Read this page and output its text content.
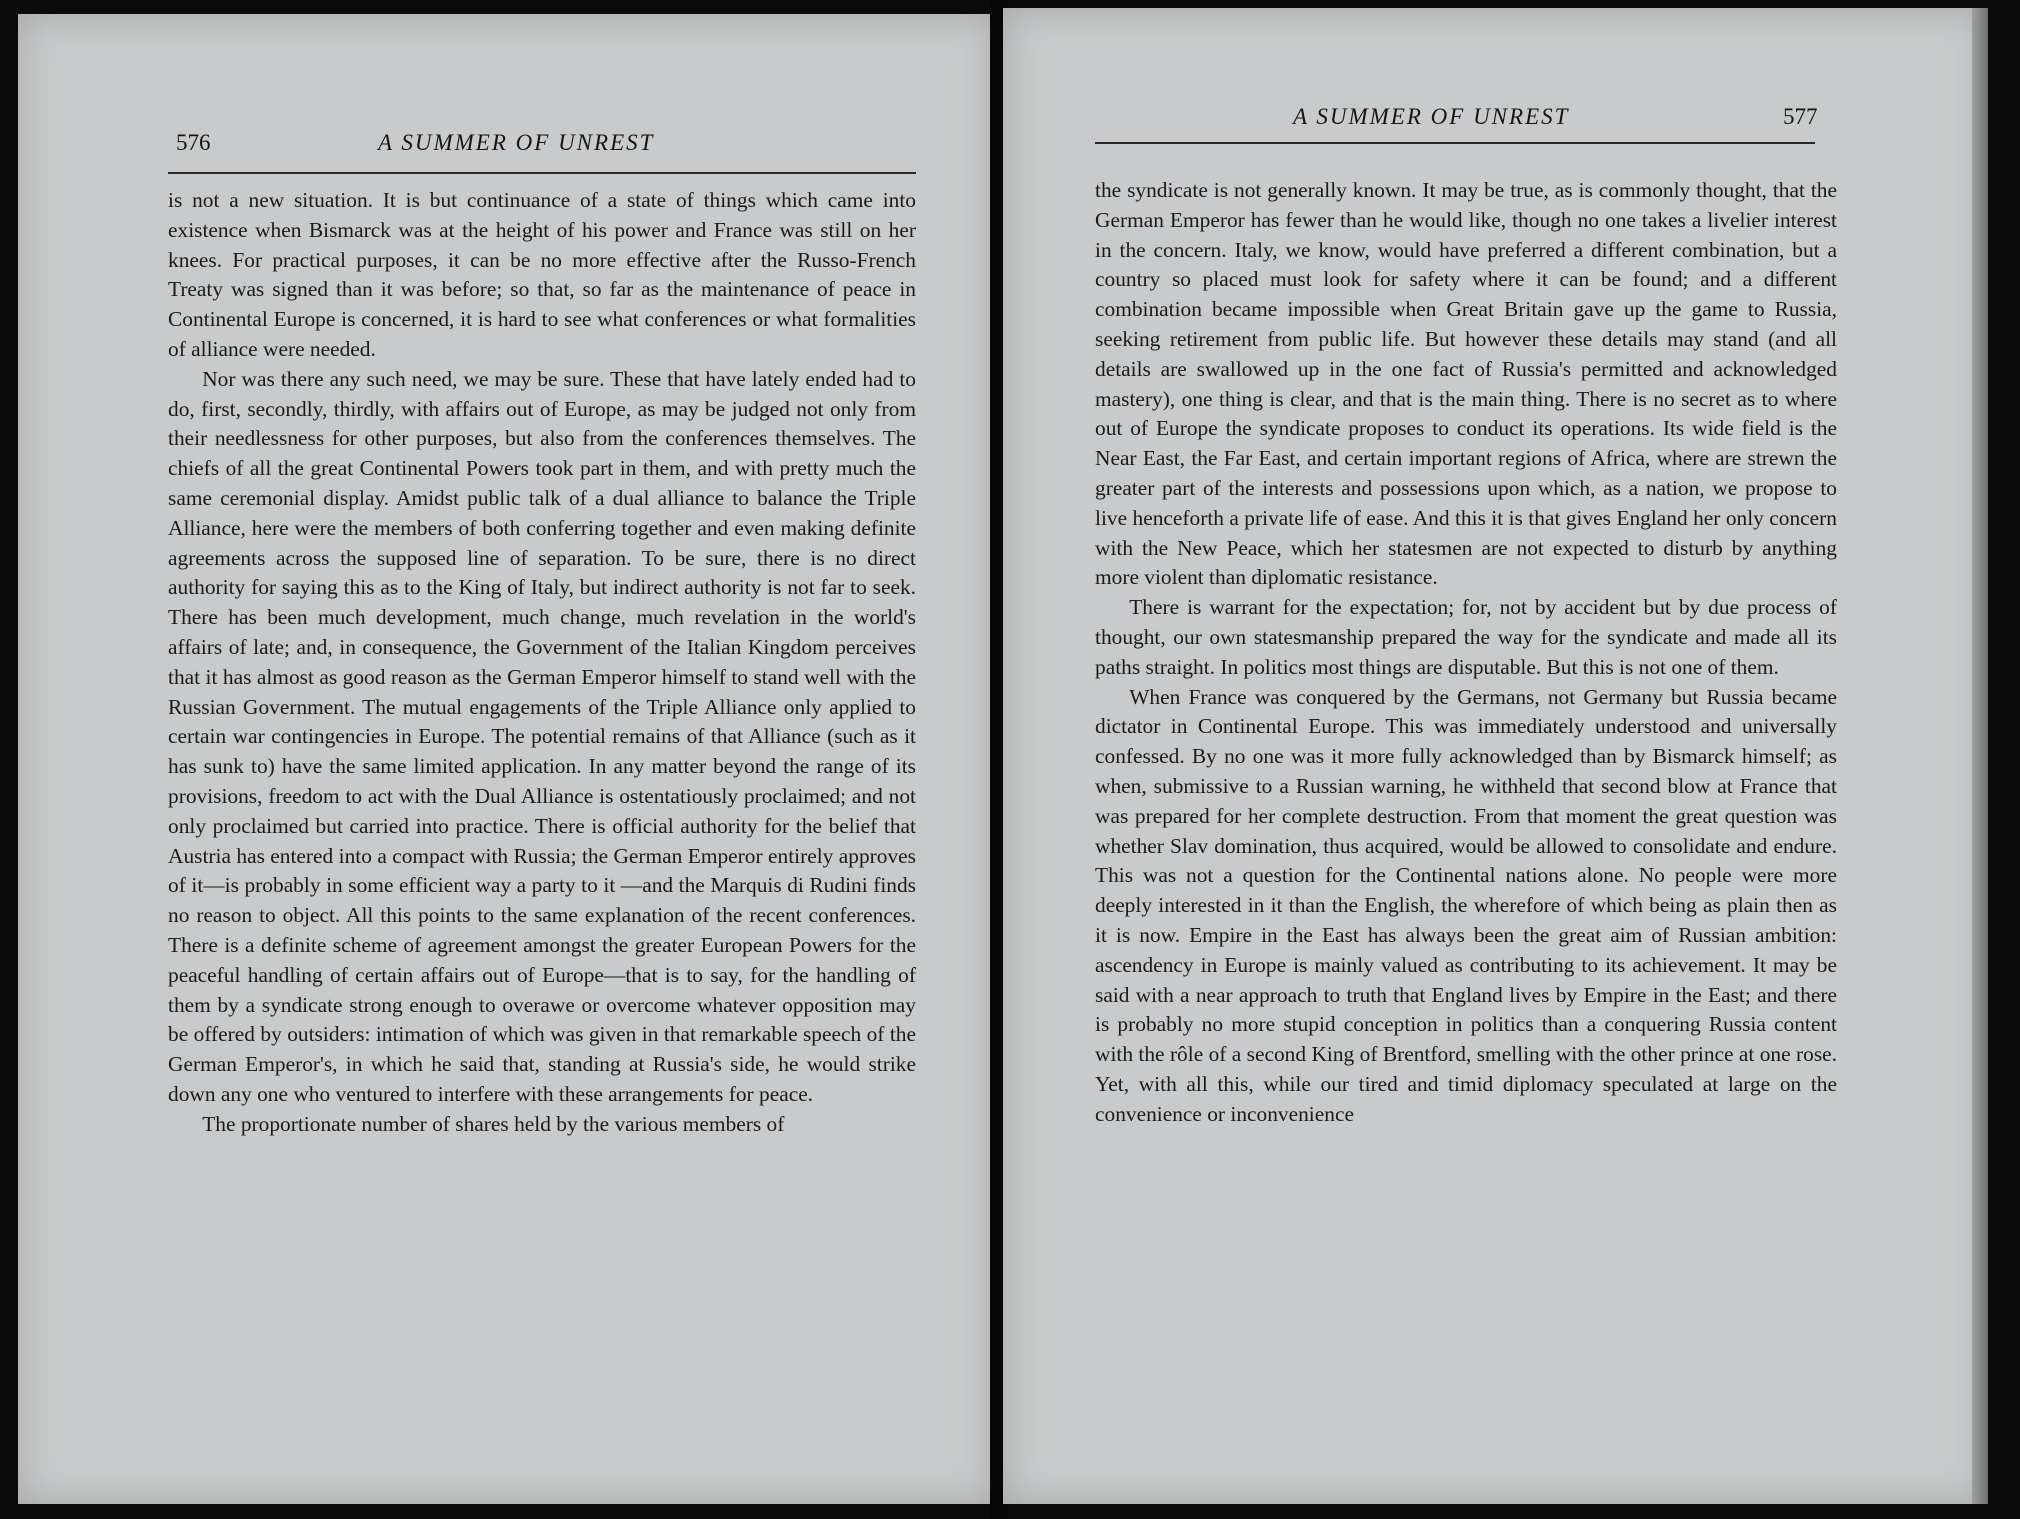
576	A SUMMER OF UNREST

is not a new situation. It is but continuance of a state of things which came into existence when Bismarck was at the height of his power and France was still on her knees. For practical purposes, it can be no more effective after the Russo-French Treaty was signed than it was before; so that, so far as the maintenance of peace in Continental Europe is concerned, it is hard to see what conferences or what formalities of alliance were needed.

Nor was there any such need, we may be sure. These that have lately ended had to do, first, secondly, thirdly, with affairs out of Europe, as may be judged not only from their needlessness for other purposes, but also from the conferences themselves. The chiefs of all the great Continental Powers took part in them, and with pretty much the same ceremonial display. Amidst public talk of a dual alliance to balance the Triple Alliance, here were the members of both conferring together and even making definite agreements across the supposed line of separation. To be sure, there is no direct authority for saying this as to the King of Italy, but indirect authority is not far to seek. There has been much development, much change, much revelation in the world's affairs of late; and, in consequence, the Government of the Italian Kingdom perceives that it has almost as good reason as the German Emperor himself to stand well with the Russian Government. The mutual engagements of the Triple Alliance only applied to certain war contingencies in Europe. The potential remains of that Alliance (such as it has sunk to) have the same limited application. In any matter beyond the range of its provisions, freedom to act with the Dual Alliance is ostentatiously proclaimed; and not only proclaimed but carried into practice. There is official authority for the belief that Austria has entered into a compact with Russia; the German Emperor entirely approves of it—is probably in some efficient way a party to it —and the Marquis di Rudini finds no reason to object. All this points to the same explanation of the recent conferences. There is a definite scheme of agreement amongst the greater European Powers for the peaceful handling of certain affairs out of Europe—that is to say, for the handling of them by a syndicate strong enough to overawe or overcome whatever opposition may be offered by outsiders: intimation of which was given in that remarkable speech of the German Emperor's, in which he said that, standing at Russia's side, he would strike down any one who ventured to interfere with these arrangements for peace.

The proportionate number of shares held by the various members of

A SUMMER OF UNREST	577

the syndicate is not generally known. It may be true, as is commonly thought, that the German Emperor has fewer than he would like, though no one takes a livelier interest in the concern. Italy, we know, would have preferred a different combination, but a country so placed must look for safety where it can be found; and a different combination became impossible when Great Britain gave up the game to Russia, seeking retirement from public life. But however these details may stand (and all details are swallowed up in the one fact of Russia's permitted and acknowledged mastery), one thing is clear, and that is the main thing. There is no secret as to where out of Europe the syndicate proposes to conduct its operations. Its wide field is the Near East, the Far East, and certain important regions of Africa, where are strewn the greater part of the interests and possessions upon which, as a nation, we propose to live henceforth a private life of ease. And this it is that gives England her only concern with the New Peace, which her statesmen are not expected to disturb by anything more violent than diplomatic resistance.

There is warrant for the expectation; for, not by accident but by due process of thought, our own statesmanship prepared the way for the syndicate and made all its paths straight. In politics most things are disputable. But this is not one of them.

When France was conquered by the Germans, not Germany but Russia became dictator in Continental Europe. This was immediately understood and universally confessed. By no one was it more fully acknowledged than by Bismarck himself; as when, submissive to a Russian warning, he withheld that second blow at France that was prepared for her complete destruction. From that moment the great question was whether Slav domination, thus acquired, would be allowed to consolidate and endure. This was not a question for the Continental nations alone. No people were more deeply interested in it than the English, the wherefore of which being as plain then as it is now. Empire in the East has always been the great aim of Russian ambition: ascendency in Europe is mainly valued as contributing to its achievement. It may be said with a near approach to truth that England lives by Empire in the East; and there is probably no more stupid conception in politics than a conquering Russia content with the rôle of a second King of Brentford, smelling with the other prince at one rose. Yet, with all this, while our tired and timid diplomacy speculated at large on the convenience or inconvenience
